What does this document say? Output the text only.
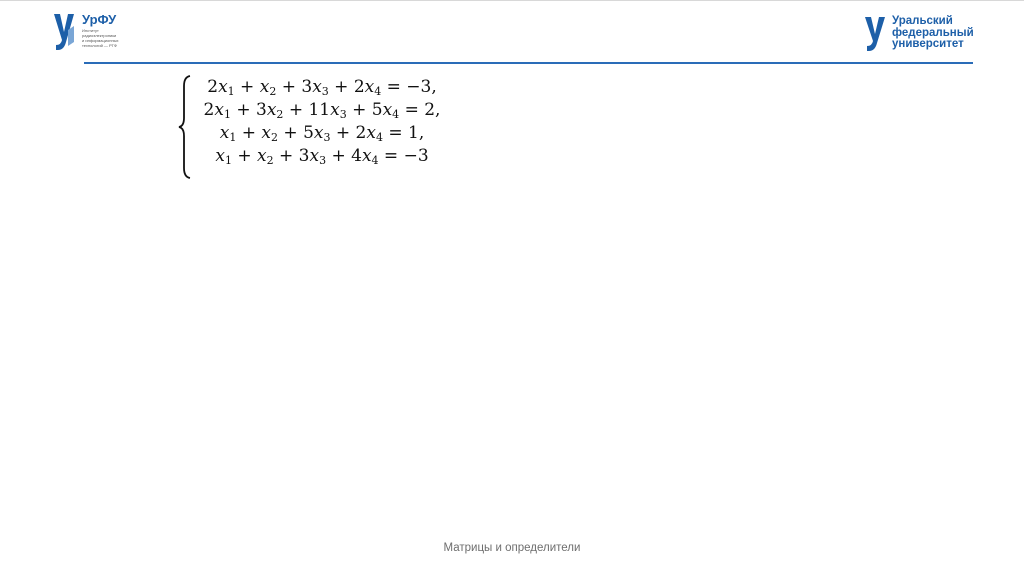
УрФУ
Институт
радиоэлектроники
и информационных
технологий — РТФ
Уральский
федеральный
университет
$2x_1 + x_2 + 3x_3 + 2x_4 = -3$,
$2x_1 + 3x_2 + 11x_3 + 5x_4 = 2$,
$x_1 + x_2 + 5x_3 + 2x_4 = 1$,
$x_1 + x_2 + 3x_3 + 4x_4 = -3$
Матрицы и определители
